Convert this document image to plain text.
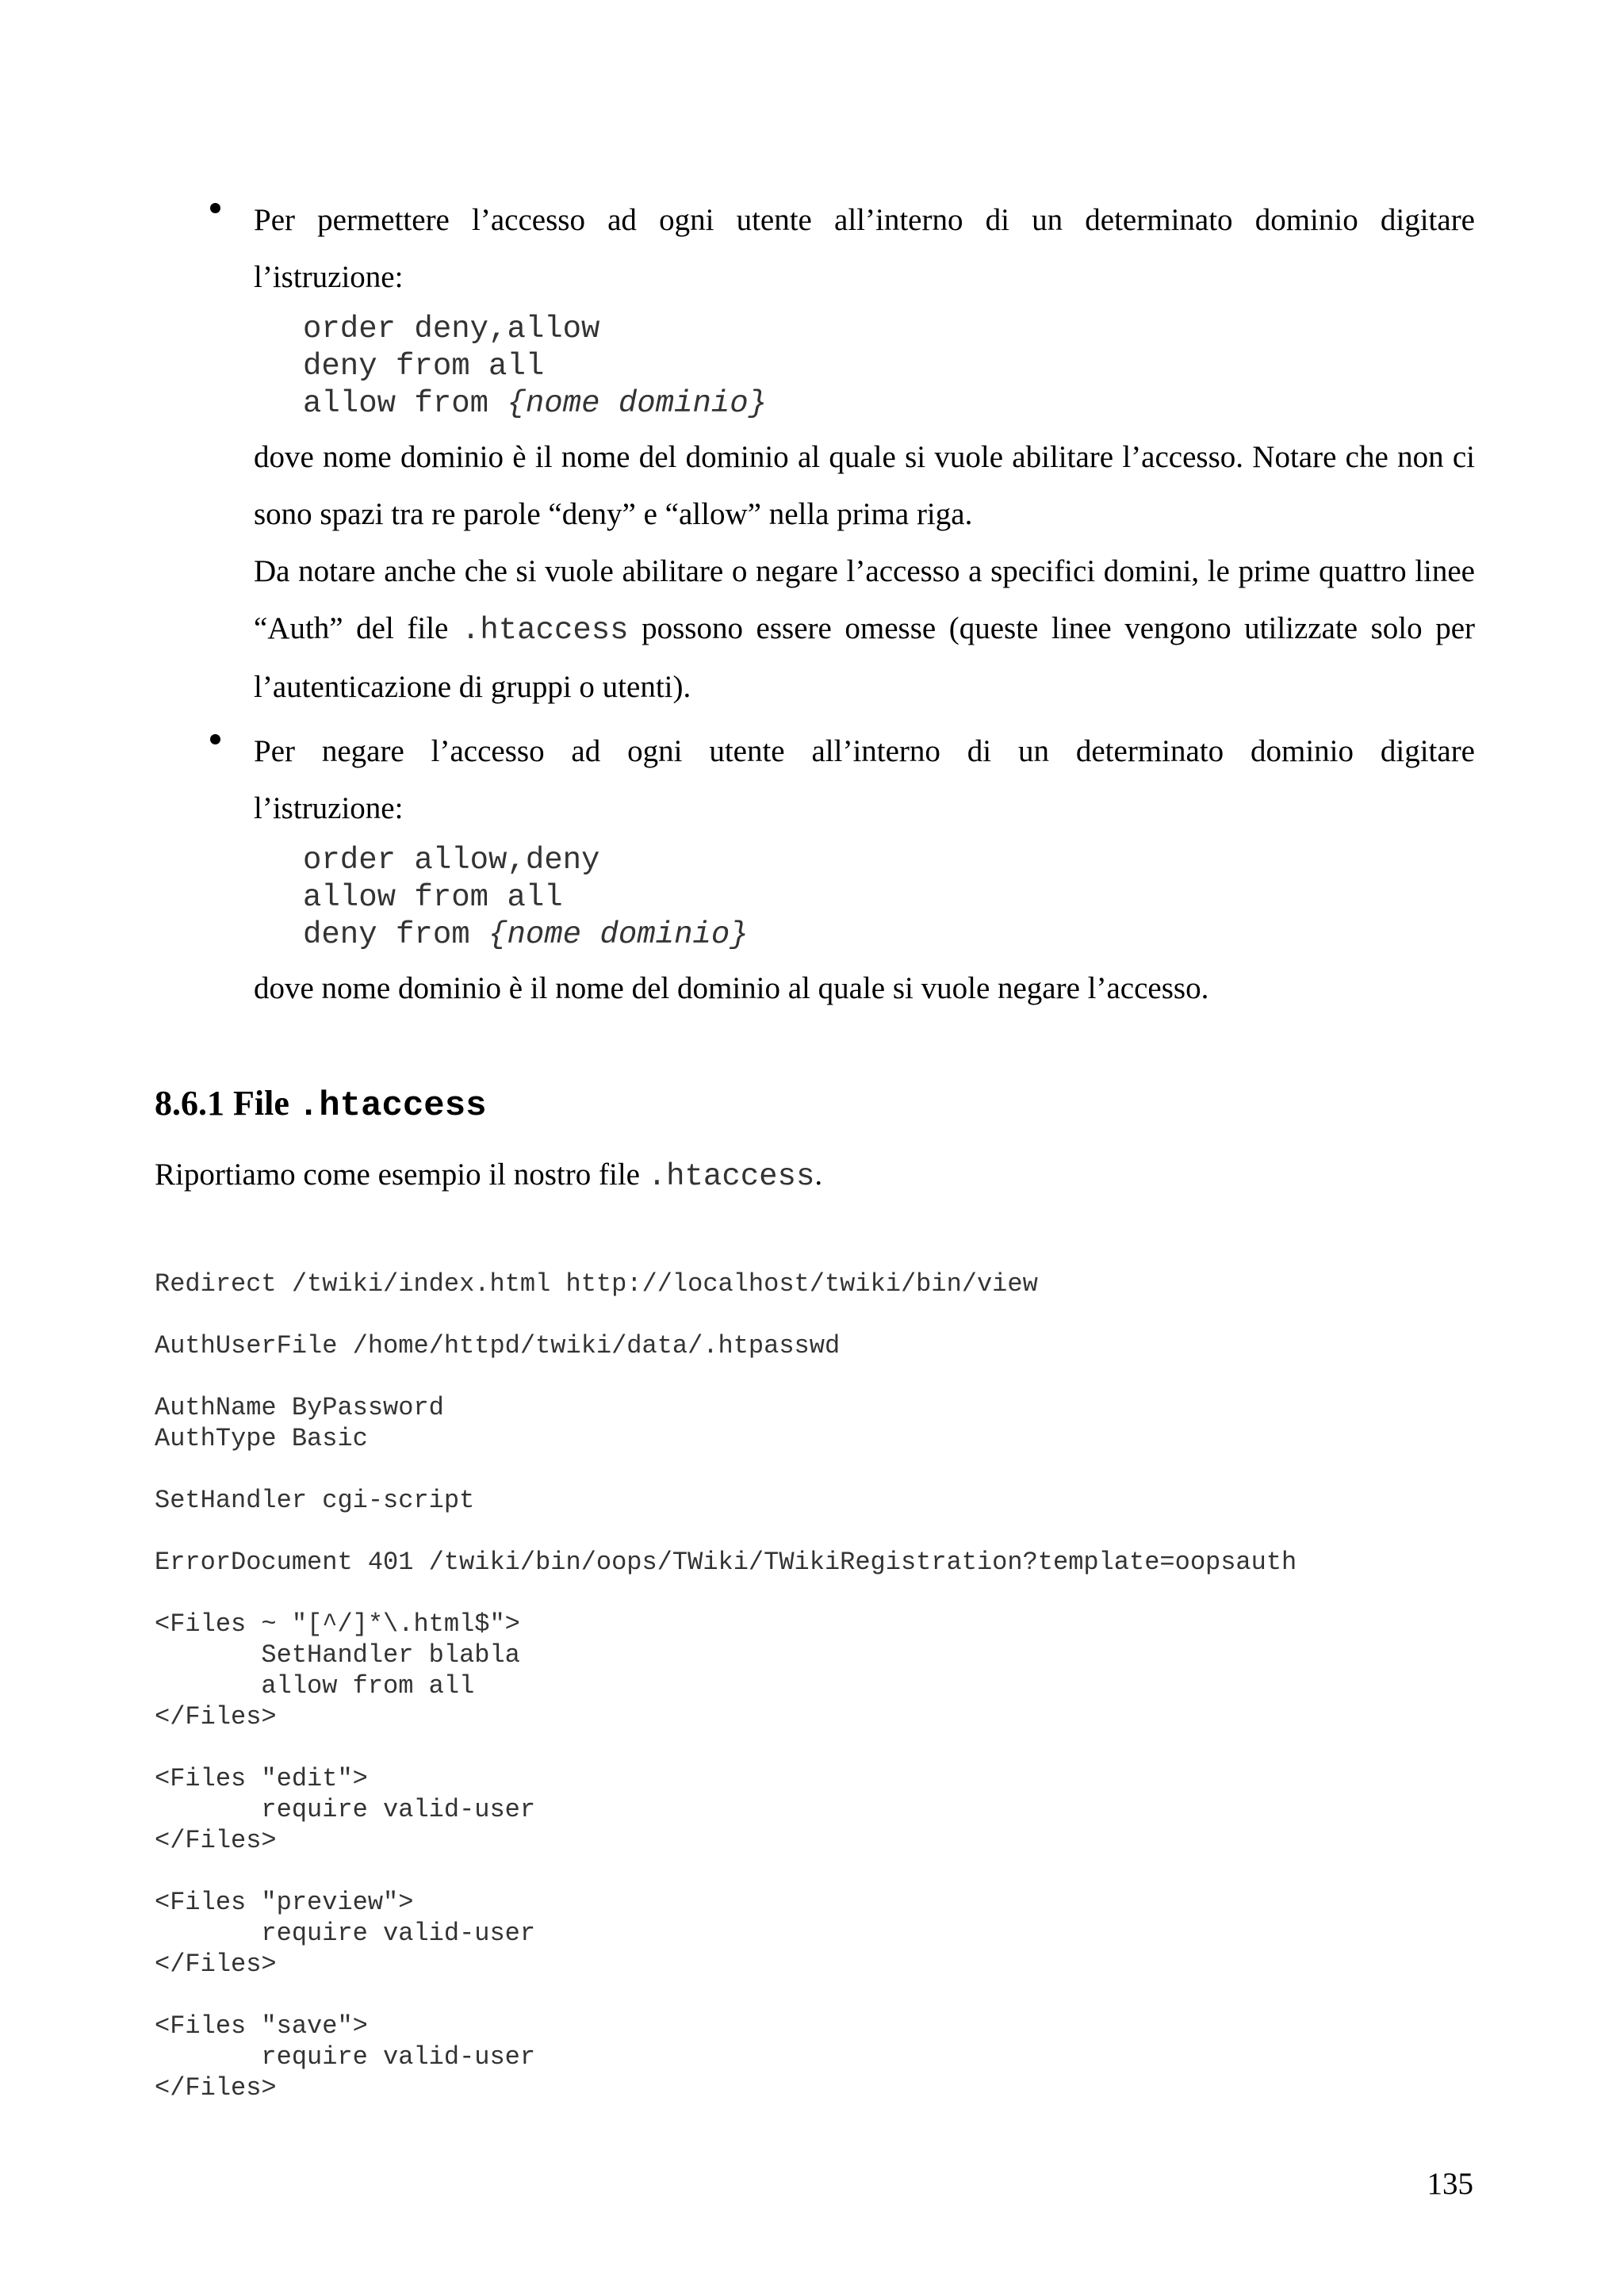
Per permettere l’accesso ad ogni utente all’interno di un determinato dominio digitare

l’istruzione:

order deny,allow
deny from all
allow from {nome dominio}

dove nome dominio è il nome del dominio al quale si vuole abilitare l’accesso. Notare che non ci sono spazi tra re parole “deny” e “allow” nella prima riga.

Da notare anche che si vuole abilitare o negare l’accesso a specifici domini, le prime quattro linee “Auth” del file .htaccess possono essere omesse (queste linee vengono utilizzate solo per l’autenticazione di gruppi o utenti).

Per negare l’accesso ad ogni utente all’interno di un determinato dominio digitare

l’istruzione:

order allow,deny
allow from all
deny from {nome dominio}

dove nome dominio è il nome del dominio al quale si vuole negare l’accesso.

8.6.1 File .htaccess

Riportiamo come esempio il nostro file .htaccess.

Redirect /twiki/index.html http://localhost/twiki/bin/view
AuthUserFile /home/httpd/twiki/data/.htpasswd
AuthName ByPassword
AuthType Basic
SetHandler cgi-script
ErrorDocument 401 /twiki/bin/oops/TWiki/TWikiRegistration?template=oopsauth
<Files ~ "[^/]*\.html$">
SetHandler blabla
allow from all
</Files>
<Files "edit">
require valid-user
</Files>
<Files "preview">
require valid-user
</Files>
<Files "save">
require valid-user
</Files>
135
